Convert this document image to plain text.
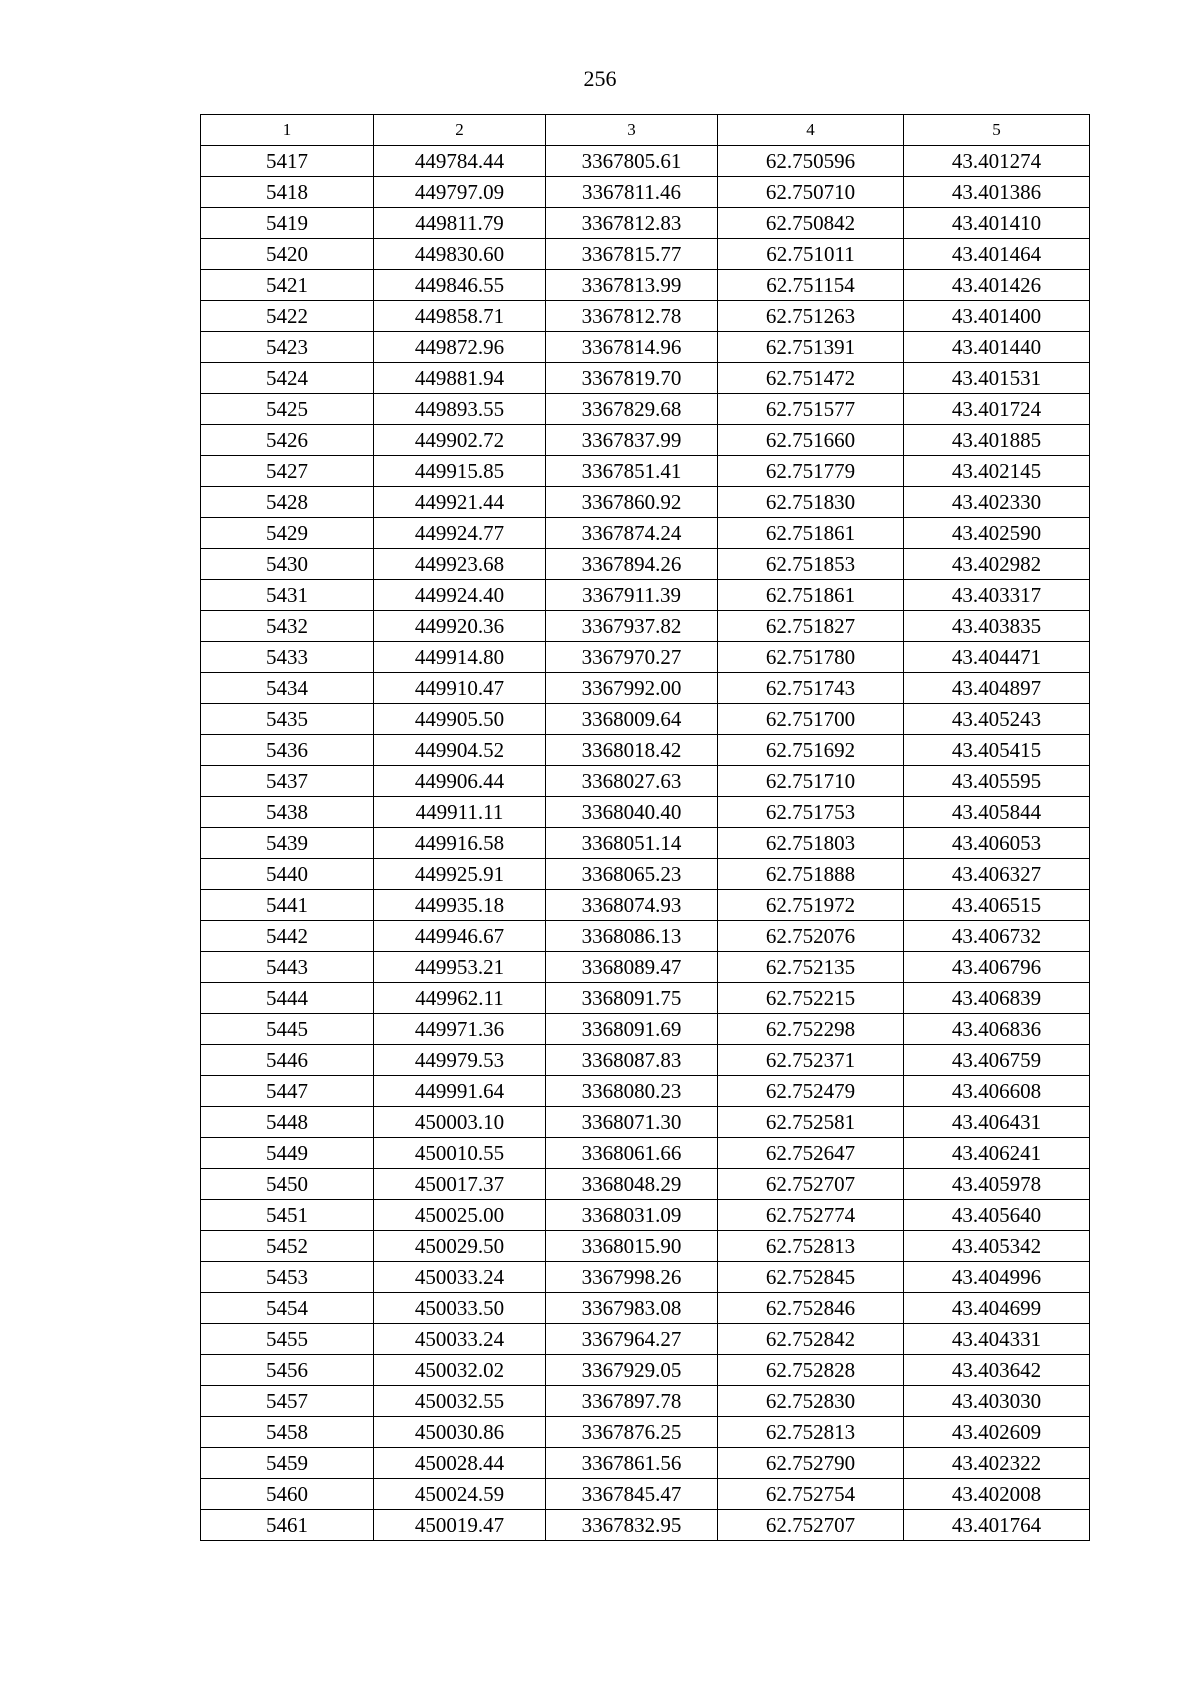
256
1	2	3	4	5
5417	449784.44	3367805.61	62.750596	43.401274
5418	449797.09	3367811.46	62.750710	43.401386
5419	449811.79	3367812.83	62.750842	43.401410
5420	449830.60	3367815.77	62.751011	43.401464
5421	449846.55	3367813.99	62.751154	43.401426
5422	449858.71	3367812.78	62.751263	43.401400
5423	449872.96	3367814.96	62.751391	43.401440
5424	449881.94	3367819.70	62.751472	43.401531
5425	449893.55	3367829.68	62.751577	43.401724
5426	449902.72	3367837.99	62.751660	43.401885
5427	449915.85	3367851.41	62.751779	43.402145
5428	449921.44	3367860.92	62.751830	43.402330
5429	449924.77	3367874.24	62.751861	43.402590
5430	449923.68	3367894.26	62.751853	43.402982
5431	449924.40	3367911.39	62.751861	43.403317
5432	449920.36	3367937.82	62.751827	43.403835
5433	449914.80	3367970.27	62.751780	43.404471
5434	449910.47	3367992.00	62.751743	43.404897
5435	449905.50	3368009.64	62.751700	43.405243
5436	449904.52	3368018.42	62.751692	43.405415
5437	449906.44	3368027.63	62.751710	43.405595
5438	449911.11	3368040.40	62.751753	43.405844
5439	449916.58	3368051.14	62.751803	43.406053
5440	449925.91	3368065.23	62.751888	43.406327
5441	449935.18	3368074.93	62.751972	43.406515
5442	449946.67	3368086.13	62.752076	43.406732
5443	449953.21	3368089.47	62.752135	43.406796
5444	449962.11	3368091.75	62.752215	43.406839
5445	449971.36	3368091.69	62.752298	43.406836
5446	449979.53	3368087.83	62.752371	43.406759
5447	449991.64	3368080.23	62.752479	43.406608
5448	450003.10	3368071.30	62.752581	43.406431
5449	450010.55	3368061.66	62.752647	43.406241
5450	450017.37	3368048.29	62.752707	43.405978
5451	450025.00	3368031.09	62.752774	43.405640
5452	450029.50	3368015.90	62.752813	43.405342
5453	450033.24	3367998.26	62.752845	43.404996
5454	450033.50	3367983.08	62.752846	43.404699
5455	450033.24	3367964.27	62.752842	43.404331
5456	450032.02	3367929.05	62.752828	43.403642
5457	450032.55	3367897.78	62.752830	43.403030
5458	450030.86	3367876.25	62.752813	43.402609
5459	450028.44	3367861.56	62.752790	43.402322
5460	450024.59	3367845.47	62.752754	43.402008
5461	450019.47	3367832.95	62.752707	43.401764
